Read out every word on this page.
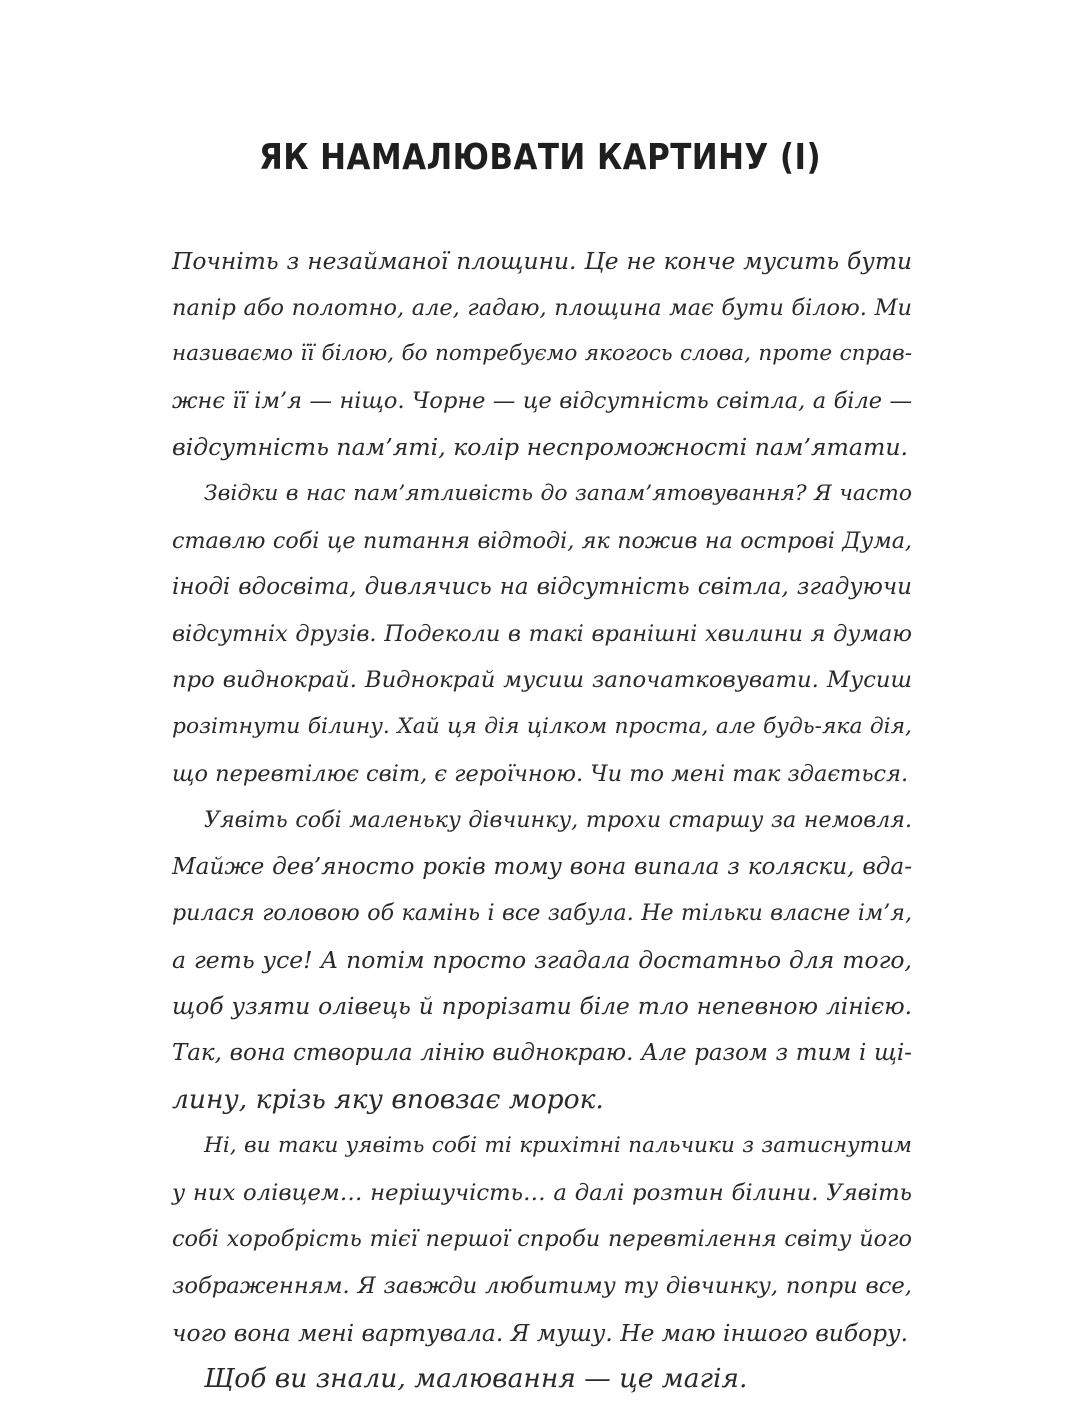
ЯК НАМАЛЮВАТИ КАРТИНУ (І)
Почніть з незайманої площини. Це не конче мусить бути
папір або полотно, але, гадаю, площина має бути білою. Ми
називаємо її білою, бо потребуємо якогось слова, проте справ-
жнє її ім’я — ніщо. Чорне — це відсутність світла, а біле —
відсутність пам’яті, колір неспроможності пам’ятати.
Звідки в нас пам’ятливість до запам’ятовування? Я часто
ставлю собі це питання відтоді, як пожив на острові Дума,
іноді вдосвіта, дивлячись на відсутність світла, згадуючи
відсутніх друзів. Подеколи в такі вранішні хвилини я думаю
про виднокрай. Виднокрай мусиш започатковувати. Мусиш
розітнути білину. Хай ця дія цілком проста, але будь-яка дія,
що перевтілює світ, є героїчною. Чи то мені так здається.
Уявіть собі маленьку дівчинку, трохи старшу за немовля.
Майже дев’яносто років тому вона випала з коляски, вда-
рилася головою об камінь і все забула. Не тільки власне ім’я,
а геть усе! А потім просто згадала достатньо для того,
щоб узяти олівець й прорізати біле тло непевною лінією.
Так, вона створила лінію виднокраю. Але разом з тим і щі-
лину, крізь яку вповзає морок.
Ні, ви таки уявіть собі ті крихітні пальчики з затиснутим
у них олівцем… нерішучість… а далі розтин білини. Уявіть
собі хоробрість тієї першої спроби перевтілення світу його
зображенням. Я завжди любитиму ту дівчинку, попри все,
чого вона мені вартувала. Я мушу. Не маю іншого вибору.
Щоб ви знали, малювання — це магія.
